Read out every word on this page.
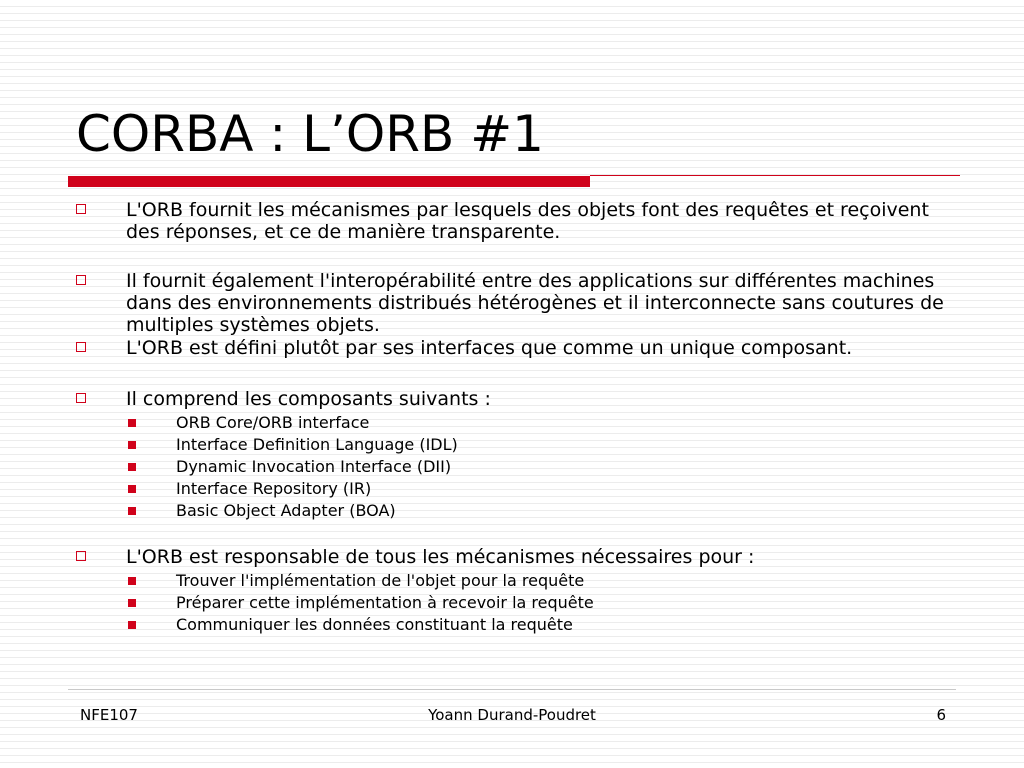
CORBA : L’ORB #1
L'ORB fournit les mécanismes par lesquels des objets font des requêtes et reçoivent des réponses, et ce de manière transparente.
Il fournit également l'interopérabilité entre des applications sur différentes machines dans des environnements distribués hétérogènes et il interconnecte sans coutures de multiples systèmes objets.
L'ORB est défini plutôt par ses interfaces que comme un unique composant.
Il comprend les composants suivants :
ORB Core/ORB interface
Interface Definition Language (IDL)
Dynamic Invocation Interface (DII)
Interface Repository (IR)
Basic Object Adapter (BOA)
L'ORB est responsable de tous les mécanismes nécessaires pour :
Trouver l'implémentation de l'objet pour la requête
Préparer cette implémentation à recevoir la requête
Communiquer les données constituant la requête
NFE107	Yoann Durand-Poudret	6
